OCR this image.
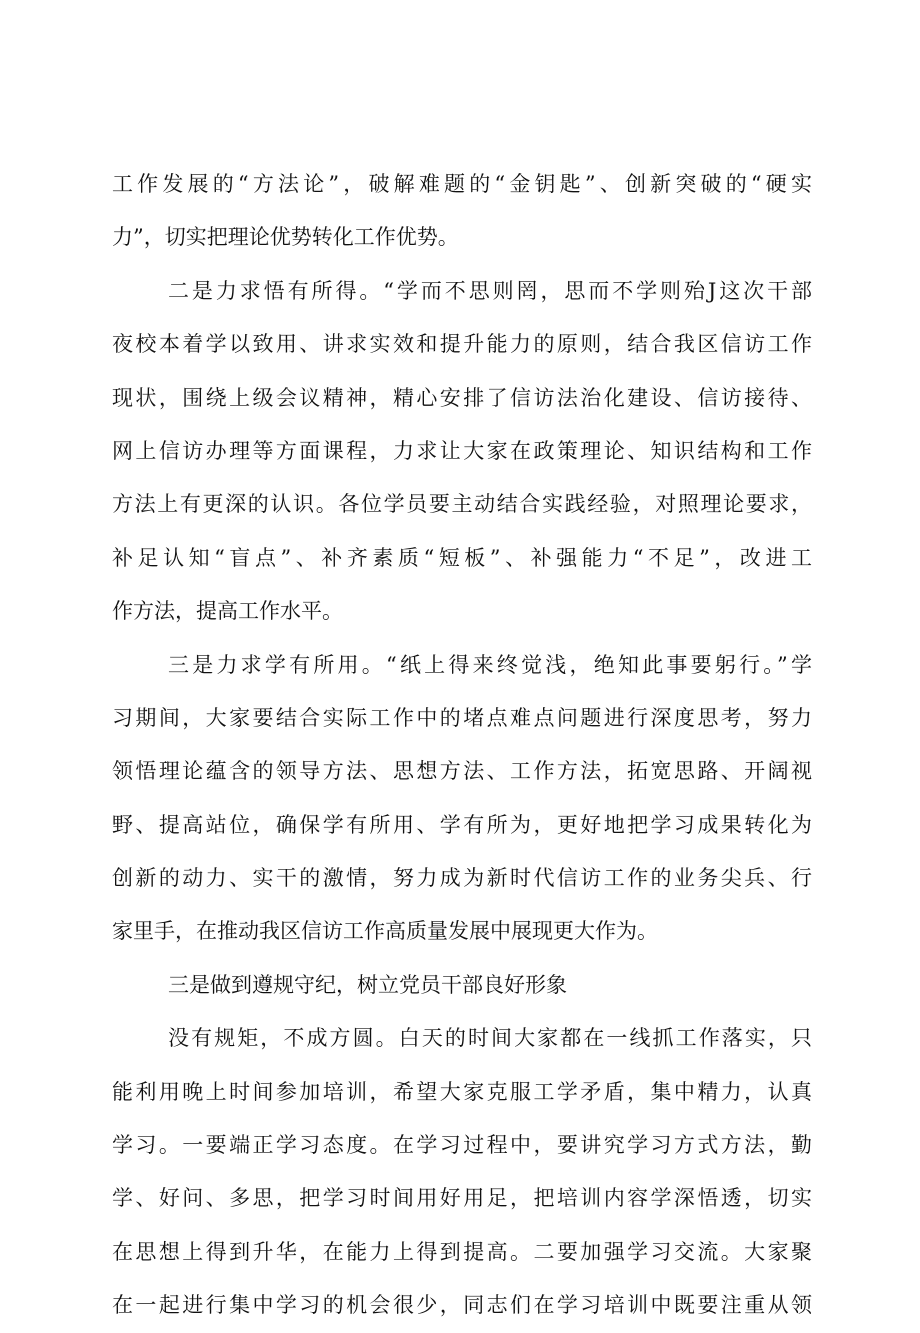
工作发展的“方法论”，破解难题的“金钥匙”、创新突破的“硬实
力”，切实把理论优势转化工作优势。
二是力求悟有所得。“学而不思则罔，思而不学则殆J这次干部
夜校本着学以致用、讲求实效和提升能力的原则，结合我区信访工作
现状，围绕上级会议精神，精心安排了信访法治化建设、信访接待、
网上信访办理等方面课程，力求让大家在政策理论、知识结构和工作
方法上有更深的认识。各位学员要主动结合实践经验，对照理论要求，
补足认知“盲点”、补齐素质“短板”、补强能力“不足”，改进工
作方法，提高工作水平。
三是力求学有所用。“纸上得来终觉浅，绝知此事要躬行。”学
习期间，大家要结合实际工作中的堵点难点问题进行深度思考，努力
领悟理论蕴含的领导方法、思想方法、工作方法，拓宽思路、开阔视
野、提高站位，确保学有所用、学有所为，更好地把学习成果转化为
创新的动力、实干的激情，努力成为新时代信访工作的业务尖兵、行
家里手，在推动我区信访工作高质量发展中展现更大作为。
三是做到遵规守纪，树立党员干部良好形象
没有规矩，不成方圆。白天的时间大家都在一线抓工作落实，只
能利用晚上时间参加培训，希望大家克服工学矛盾，集中精力，认真
学习。一要端正学习态度。在学习过程中，要讲究学习方式方法，勤
学、好问、多思，把学习时间用好用足，把培训内容学深悟透，切实
在思想上得到升华，在能力上得到提高。二要加强学习交流。大家聚
在一起进行集中学习的机会很少，同志们在学习培训中既要注重从领
